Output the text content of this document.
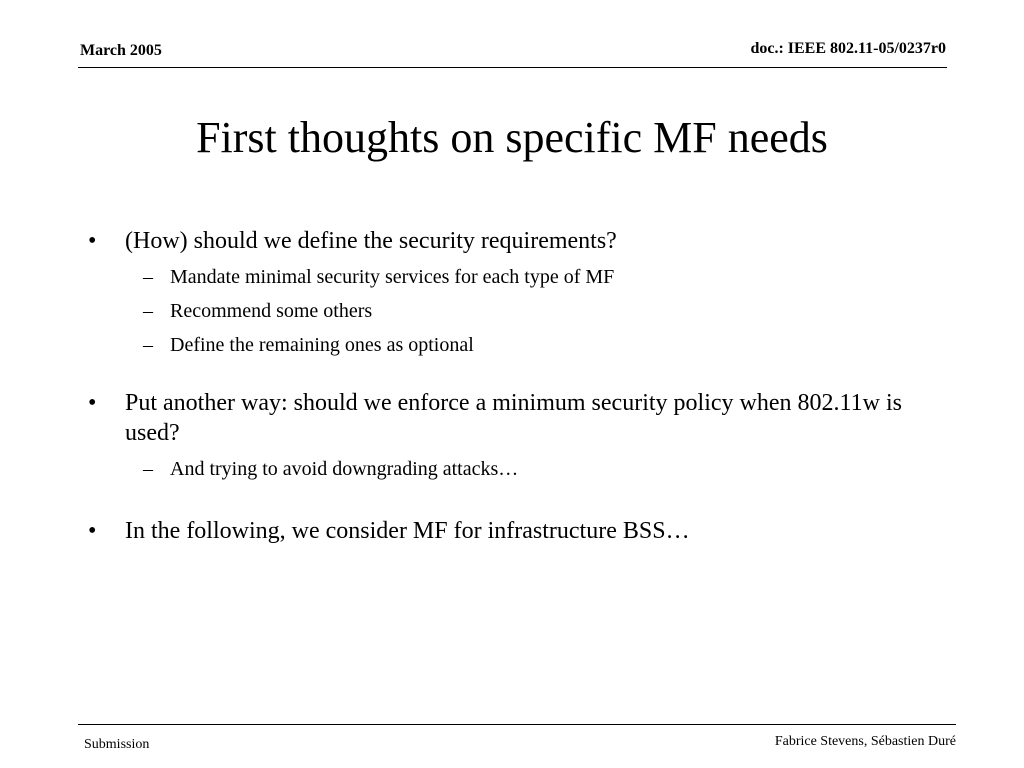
March 2005	doc.: IEEE 802.11-05/0237r0
First thoughts on specific MF needs
• (How) should we define the security requirements?
– Mandate minimal security services for each type of MF
– Recommend some others
– Define the remaining ones as optional
• Put another way: should we enforce a minimum security policy when 802.11w is used?
– And trying to avoid downgrading attacks…
• In the following, we consider MF for infrastructure BSS…
Submission	Fabrice Stevens, Sébastien Duré
